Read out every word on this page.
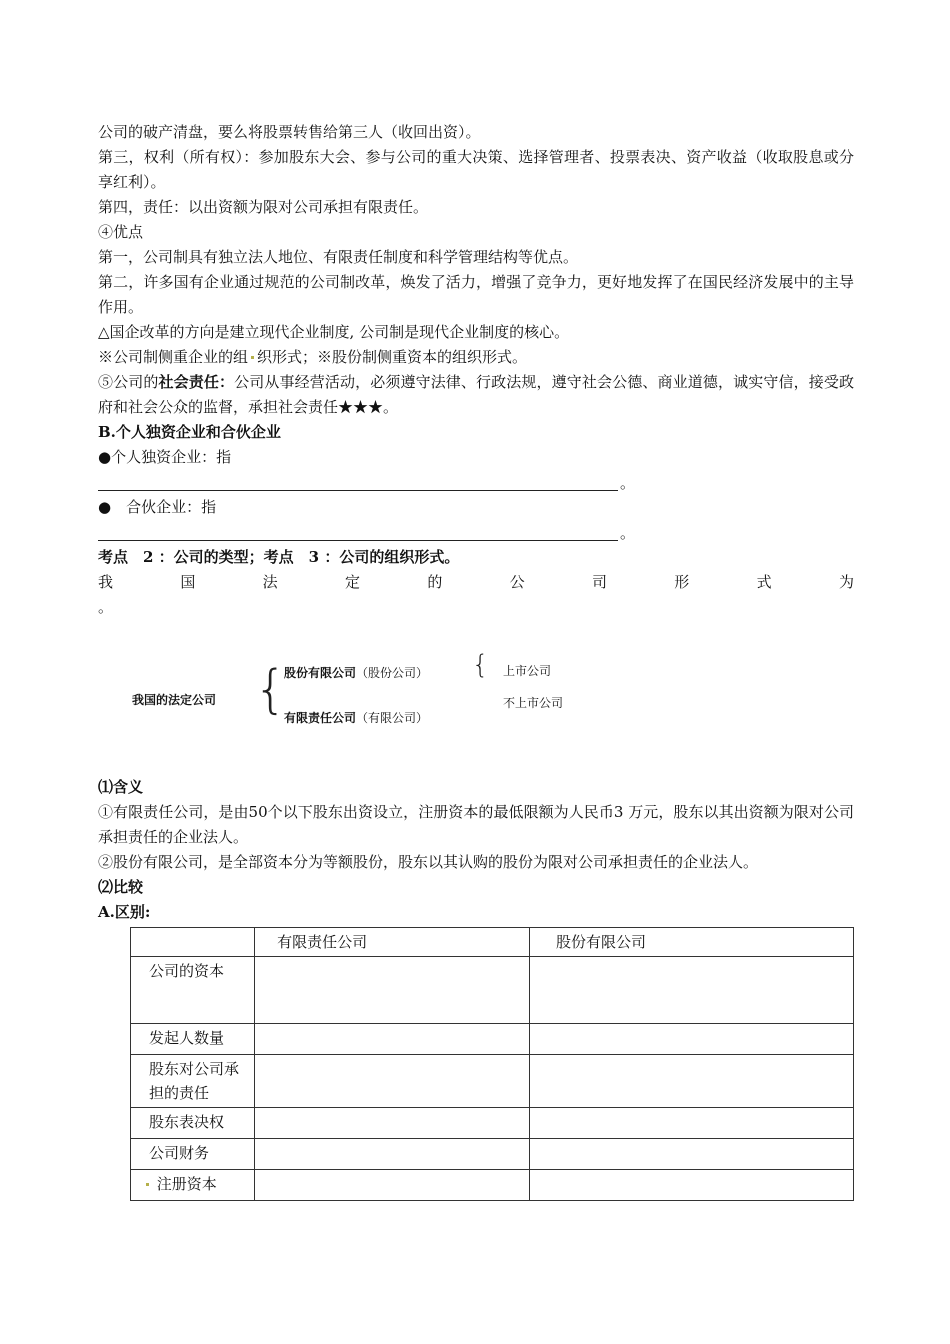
公司的破产清盘，要么将股票转售给第三人（收回出资）。
第三，权利（所有权）：参加股东大会、参与公司的重大决策、选择管理者、投票表决、资产收益（收取股息或分享红利）。
第四，责任：以出资额为限对公司承担有限责任。
④优点
第一，公司制具有独立法人地位、有限责任制度和科学管理结构等优点。
第二，许多国有企业通过规范的公司制改革，焕发了活力，增强了竞争力，更好地发挥了在国民经济发展中的主导作用。
△国企改革的方向是建立现代企业制度, 公司制是现代企业制度的核心。
※公司制侧重企业的组 织形式；※股份制侧重资本的组织形式。
⑤公司的社会责任：公司从事经营活动，必须遵守法律、行政法规，遵守社会公德、商业道德，诚实守信，接受政府和社会公众的监督，承担社会责任★★★。
B.个人独资企业和合伙企业
●个人独资企业：指
。
●　合伙企业：指
。
考点　2 ：公司的类型；考点　3 ：公司的组织形式。
我	国	法	定	的	公	司	形	式	为
。
我国的法定公司 {
股份有限公司（股份公司）
有限责任公司（有限公司）
{ 上市公司
不上市公司
⑴含义
①有限责任公司，是由50个以下股东出资设立，注册资本的最低限额为人民币3 万元，股东以其出资额为限对公司承担责任的企业法人。
②股份有限公司，是全部资本分为等额股份，股东以其认购的股份为限对公司承担责任的企业法人。
⑵比较
A.区别:
	有限责任公司	股份有限公司
公司的资本		
发起人数量		
股东对公司承担的责任		
股东表决权		
公司财务		
注册资本		
